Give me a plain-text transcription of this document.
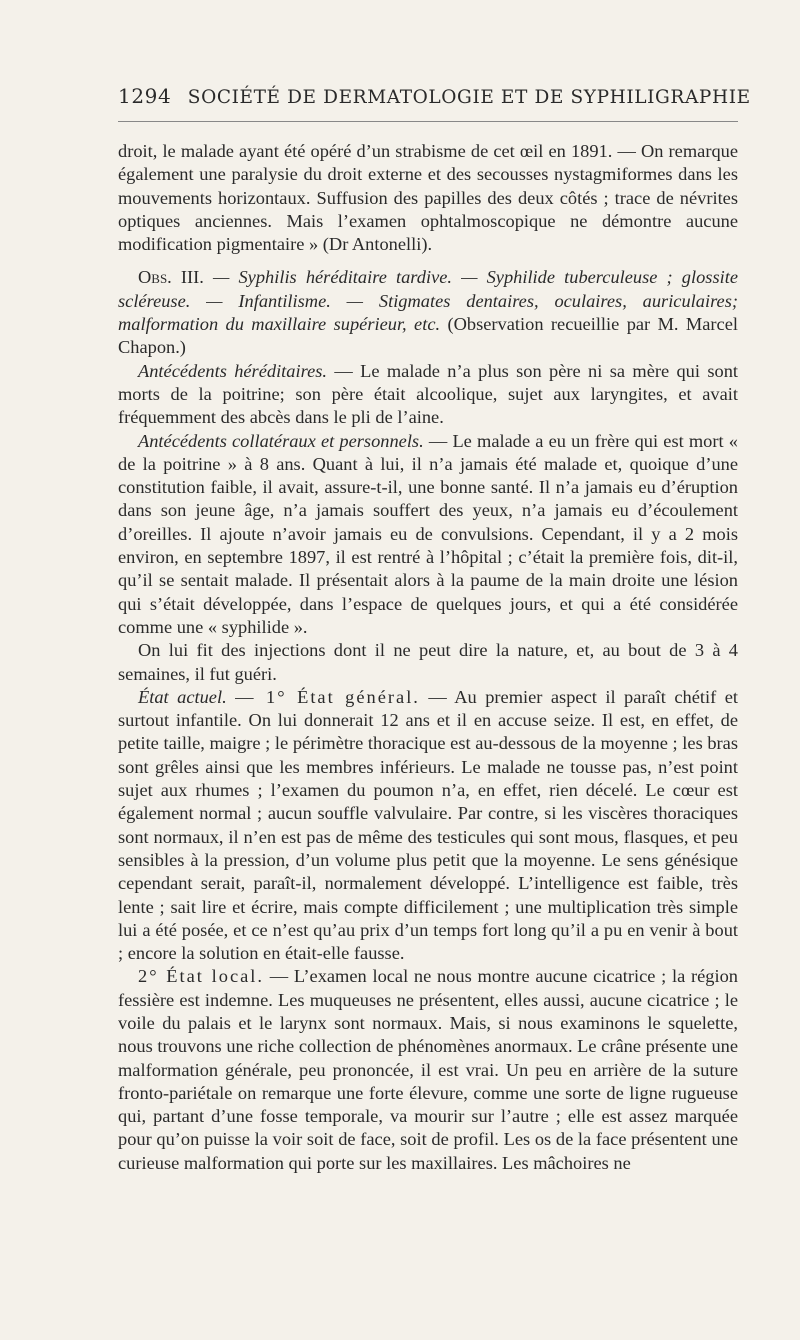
1294 SOCIÉTÉ DE DERMATOLOGIE ET DE SYPHILIGRAPHIE

droit, le malade ayant été opéré d’un strabisme de cet œil en 1891. — On remarque également une paralysie du droit externe et des secousses nystagmiformes dans les mouvements horizontaux. Suffusion des papilles des deux côtés ; trace de névrites optiques anciennes. Mais l’examen ophtalmoscopique ne démontre aucune modification pigmentaire » (Dr Antonelli).

Obs. III. — Syphilis héréditaire tardive. — Syphilide tuberculeuse ; glossite scléreuse. — Infantilisme. — Stigmates dentaires, oculaires, auriculaires; malformation du maxillaire supérieur, etc. (Observation recueillie par M. Marcel Chapon.)

Antécédents héréditaires. — Le malade n’a plus son père ni sa mère qui sont morts de la poitrine; son père était alcoolique, sujet aux laryngites, et avait fréquemment des abcès dans le pli de l’aine.

Antécédents collatéraux et personnels. — Le malade a eu un frère qui est mort « de la poitrine » à 8 ans. Quant à lui, il n’a jamais été malade et, quoique d’une constitution faible, il avait, assure-t-il, une bonne santé. Il n’a jamais eu d’éruption dans son jeune âge, n’a jamais souffert des yeux, n’a jamais eu d’écoulement d’oreilles. Il ajoute n’avoir jamais eu de convulsions. Cependant, il y a 2 mois environ, en septembre 1897, il est rentré à l’hôpital ; c’était la première fois, dit-il, qu’il se sentait malade. Il présentait alors à la paume de la main droite une lésion qui s’était développée, dans l’espace de quelques jours, et qui a été considérée comme une « syphilide ».

On lui fit des injections dont il ne peut dire la nature, et, au bout de 3 à 4 semaines, il fut guéri.

État actuel. — 1° État général. — Au premier aspect il paraît chétif et surtout infantile. On lui donnerait 12 ans et il en accuse seize. Il est, en effet, de petite taille, maigre ; le périmètre thoracique est au-dessous de la moyenne ; les bras sont grêles ainsi que les membres inférieurs. Le malade ne tousse pas, n’est point sujet aux rhumes ; l’examen du poumon n’a, en effet, rien décelé. Le cœur est également normal ; aucun souffle valvulaire. Par contre, si les viscères thoraciques sont normaux, il n’en est pas de même des testicules qui sont mous, flasques, et peu sensibles à la pression, d’un volume plus petit que la moyenne. Le sens génésique cependant serait, paraît-il, normalement développé. L’intelligence est faible, très lente ; sait lire et écrire, mais compte difficilement ; une multiplication très simple lui a été posée, et ce n’est qu’au prix d’un temps fort long qu’il a pu en venir à bout ; encore la solution en était-elle fausse.

2° État local. — L’examen local ne nous montre aucune cicatrice ; la région fessière est indemne. Les muqueuses ne présentent, elles aussi, aucune cicatrice ; le voile du palais et le larynx sont normaux. Mais, si nous examinons le squelette, nous trouvons une riche collection de phénomènes anormaux. Le crâne présente une malformation générale, peu prononcée, il est vrai. Un peu en arrière de la suture fronto-pariétale on remarque une forte élevure, comme une sorte de ligne rugueuse qui, partant d’une fosse temporale, va mourir sur l’autre ; elle est assez marquée pour qu’on puisse la voir soit de face, soit de profil. Les os de la face présentent une curieuse malformation qui porte sur les maxillaires. Les mâchoires ne
